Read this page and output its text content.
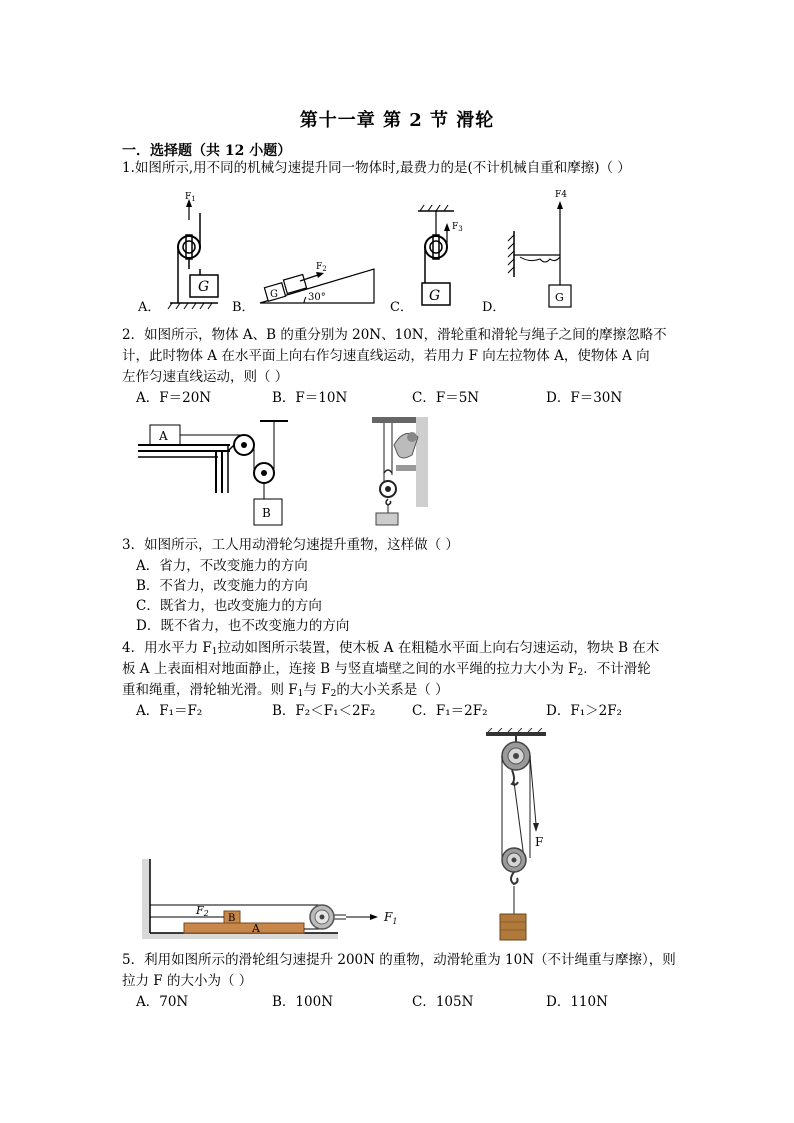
第十一章 第 2 节 滑轮
一．选择题（共 12 小题）
1.如图所示,用不同的机械匀速提升同一物体时,最费力的是(不计机械自重和摩擦)（ ）
A．
$F_1$
G
B．
G
$F_2$
30°
C．
$F_3$
G
D．
F4
G
2．如图所示，物体 A、B 的重分别为 20N、10N，滑轮重和滑轮与绳子之间的摩擦忽略不
计，此时物体 A 在水平面上向右作匀速直线运动，若用力 F 向左拉物体 A，使物体 A 向
左作匀速直线运动，则（ ）
A．F＝20N	B．F＝10N	C．F＝5N	D．F＝30N
A
B
3．如图所示，工人用动滑轮匀速提升重物，这样做（ ）
A．省力，不改变施力的方向
B．不省力，改变施力的方向
C．既省力，也改变施力的方向
D．既不省力，也不改变施力的方向
4．用水平力 $F_1$拉动如图所示装置，使木板 A 在粗糙水平面上向右匀速运动，物块 B 在木
板 A 上表面相对地面静止，连接 B 与竖直墙壁之间的水平绳的拉力大小为 $F_2$．不计滑轮
重和绳重，滑轮轴光滑。则 $F_1$与 $F_2$的大小关系是（ ）
A．F₁＝F₂	B．F₂＜F₁＜2F₂	C．F₁＝2F₂	D．F₁＞2F₂
A
B
F2	$F_1$
F
5．利用如图所示的滑轮组匀速提升 200N 的重物，动滑轮重为 10N（不计绳重与摩擦），则
拉力 F 的大小为（ ）
A．70N	B．100N	C．105N	D．110N
